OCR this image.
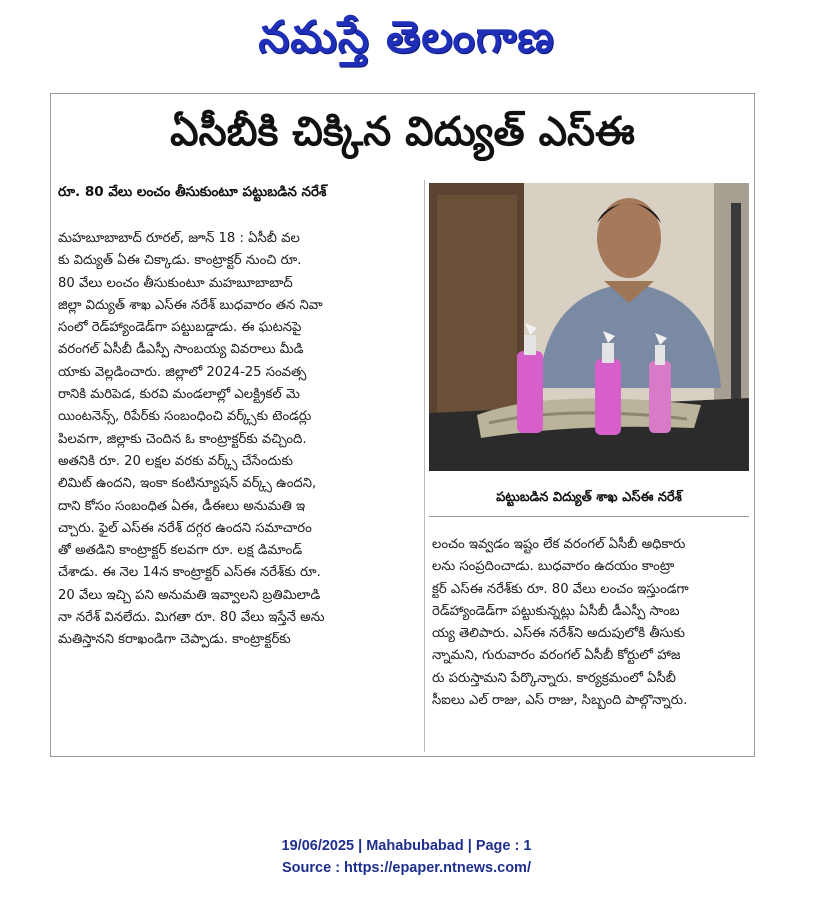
నమస్తే తెలంగాణ
ఏసీబీకి చిక్కిన విద్యుత్ ఎస్ఈ
రూ. 80 వేలు లంచం తీసుకుంటూ పట్టుబడిన నరేశ్
మహబూబాబాద్ రూరల్, జూన్ 18 : ఏసీబీ వల
కు విద్యుత్ ఏఈ చిక్కాడు. కాంట్రాక్టర్ నుంచి రూ.
80 వేలు లంచం తీసుకుంటూ మహబూబాబాద్
జిల్లా విద్యుత్ శాఖ ఎస్ఈ నరేశ్ బుధవారం తన నివా
సంలో రెడ్‌హ్యాండెడ్‌గా పట్టుబడ్డాడు. ఈ ఘటనపై
వరంగల్ ఏసీబీ డీఎస్పీ సాంబయ్య వివరాలు మీడి
యాకు వెల్లడించారు. జిల్లాలో 2024-25 సంవత్స
రానికి మరిపెడ, కురవి మండలాల్లో ఎలక్ట్రికల్ మె
యింటనెన్స్, రిపేర్‌కు సంబంధించి వర్క్స్‌కు టెండర్లు
పిలవగా, జిల్లాకు చెందిన ఓ కాంట్రాక్టర్‌కు వచ్చింది.
అతనికి రూ. 20 లక్షల వరకు వర్క్స్ చేసేందుకు
లిమిట్ ఉందని, ఇంకా కంటిన్యూషన్ వర్క్స్ ఉందని,
దాని కోసం సంబంధిత ఏఈ, డీఈలు అనుమతి ఇ
చ్చారు. ఫైల్ ఎస్ఈ నరేశ్ దగ్గర ఉందని సమాచారం
తో అతడిని కాంట్రాక్టర్ కలవగా రూ. లక్ష డిమాండ్
చేశాడు. ఈ నెల 14న కాంట్రాక్టర్ ఎస్ఈ నరేశ్‌కు రూ.
20 వేలు ఇచ్చి పని అనుమతి ఇవ్వాలని బ్రతిమిలాడి
నా నరేశ్ వినలేదు. మిగతా రూ. 80 వేలు ఇస్తేనే అను
మతిస్తానని కరాఖండిగా చెప్పాడు. కాంట్రాక్టర్‌కు
పట్టుబడిన విద్యుత్ శాఖ ఎస్ఈ నరేశ్
లంచం ఇవ్వడం ఇష్టం లేక వరంగల్ ఏసీబీ అధికారు
లను సంప్రదించాడు. బుధవారం ఉదయం కాంట్రా
క్టర్ ఎస్ఈ నరేశ్‌కు రూ. 80 వేలు లంచం ఇస్తుండగా
రెడ్‌హ్యాండెడ్‌గా పట్టుకున్నట్లు ఏసీబీ డీఎస్పీ సాంబ
య్య తెలిపారు. ఎస్ఈ నరేశ్‌ని అదుపులోకి తీసుకు
న్నామని, గురువారం వరంగల్ ఏసీబీ కోర్టులో హాజ
రు పరుస్తామని పేర్కొన్నారు. కార్యక్రమంలో ఏసీబీ
సీఐలు ఎల్ రాజు, ఎస్ రాజు, సిబ్బంది పాల్గొన్నారు.
19/06/2025 | Mahabubabad | Page : 1
Source : https://epaper.ntnews.com/
